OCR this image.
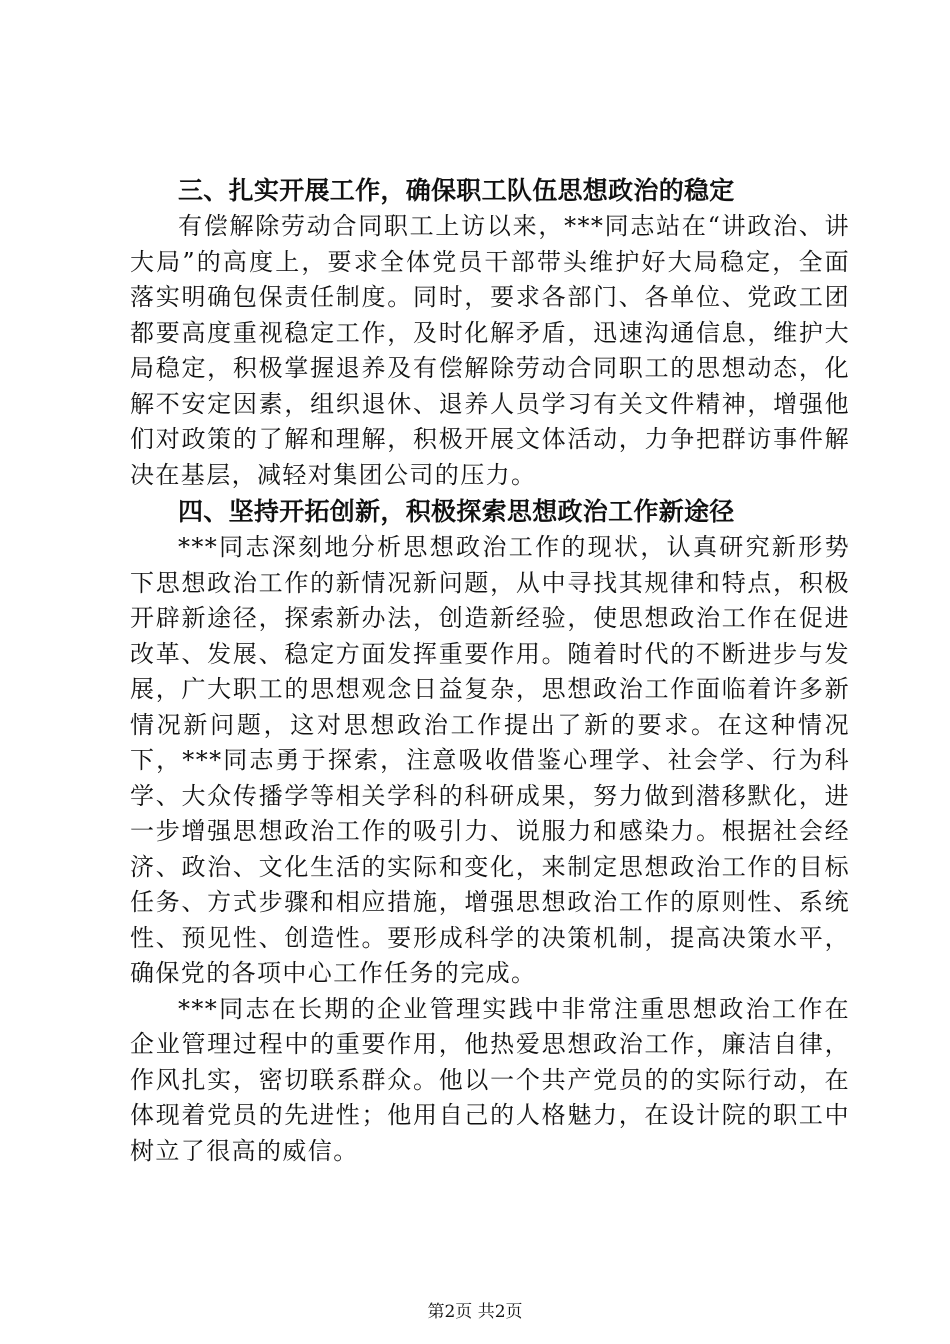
三、扎实开展工作，确保职工队伍思想政治的稳定

有偿解除劳动合同职工上访以来，***同志站在“讲政治、讲大局”的高度上，要求全体党员干部带头维护好大局稳定，全面落实明确包保责任制度。同时，要求各部门、各单位、党政工团都要高度重视稳定工作，及时化解矛盾，迅速沟通信息，维护大局稳定，积极掌握退养及有偿解除劳动合同职工的思想动态，化解不安定因素，组织退休、退养人员学习有关文件精神，增强他们对政策的了解和理解，积极开展文体活动，力争把群访事件解决在基层，减轻对集团公司的压力。

四、坚持开拓创新，积极探索思想政治工作新途径

***同志深刻地分析思想政治工作的现状，认真研究新形势下思想政治工作的新情况新问题，从中寻找其规律和特点，积极开辟新途径，探索新办法，创造新经验，使思想政治工作在促进改革、发展、稳定方面发挥重要作用。随着时代的不断进步与发展，广大职工的思想观念日益复杂，思想政治工作面临着许多新情况新问题，这对思想政治工作提出了新的要求。在这种情况下，***同志勇于探索，注意吸收借鉴心理学、社会学、行为科学、大众传播学等相关学科的科研成果，努力做到潜移默化，进一步增强思想政治工作的吸引力、说服力和感染力。根据社会经济、政治、文化生活的实际和变化，来制定思想政治工作的目标任务、方式步骤和相应措施，增强思想政治工作的原则性、系统性、预见性、创造性。要形成科学的决策机制，提高决策水平，确保党的各项中心工作任务的完成。

***同志在长期的企业管理实践中非常注重思想政治工作在企业管理过程中的重要作用，他热爱思想政治工作，廉洁自律，作风扎实，密切联系群众。他以一个共产党员的的实际行动，在体现着党员的先进性；他用自己的人格魅力，在设计院的职工中树立了很高的威信。

第2页 共2页
